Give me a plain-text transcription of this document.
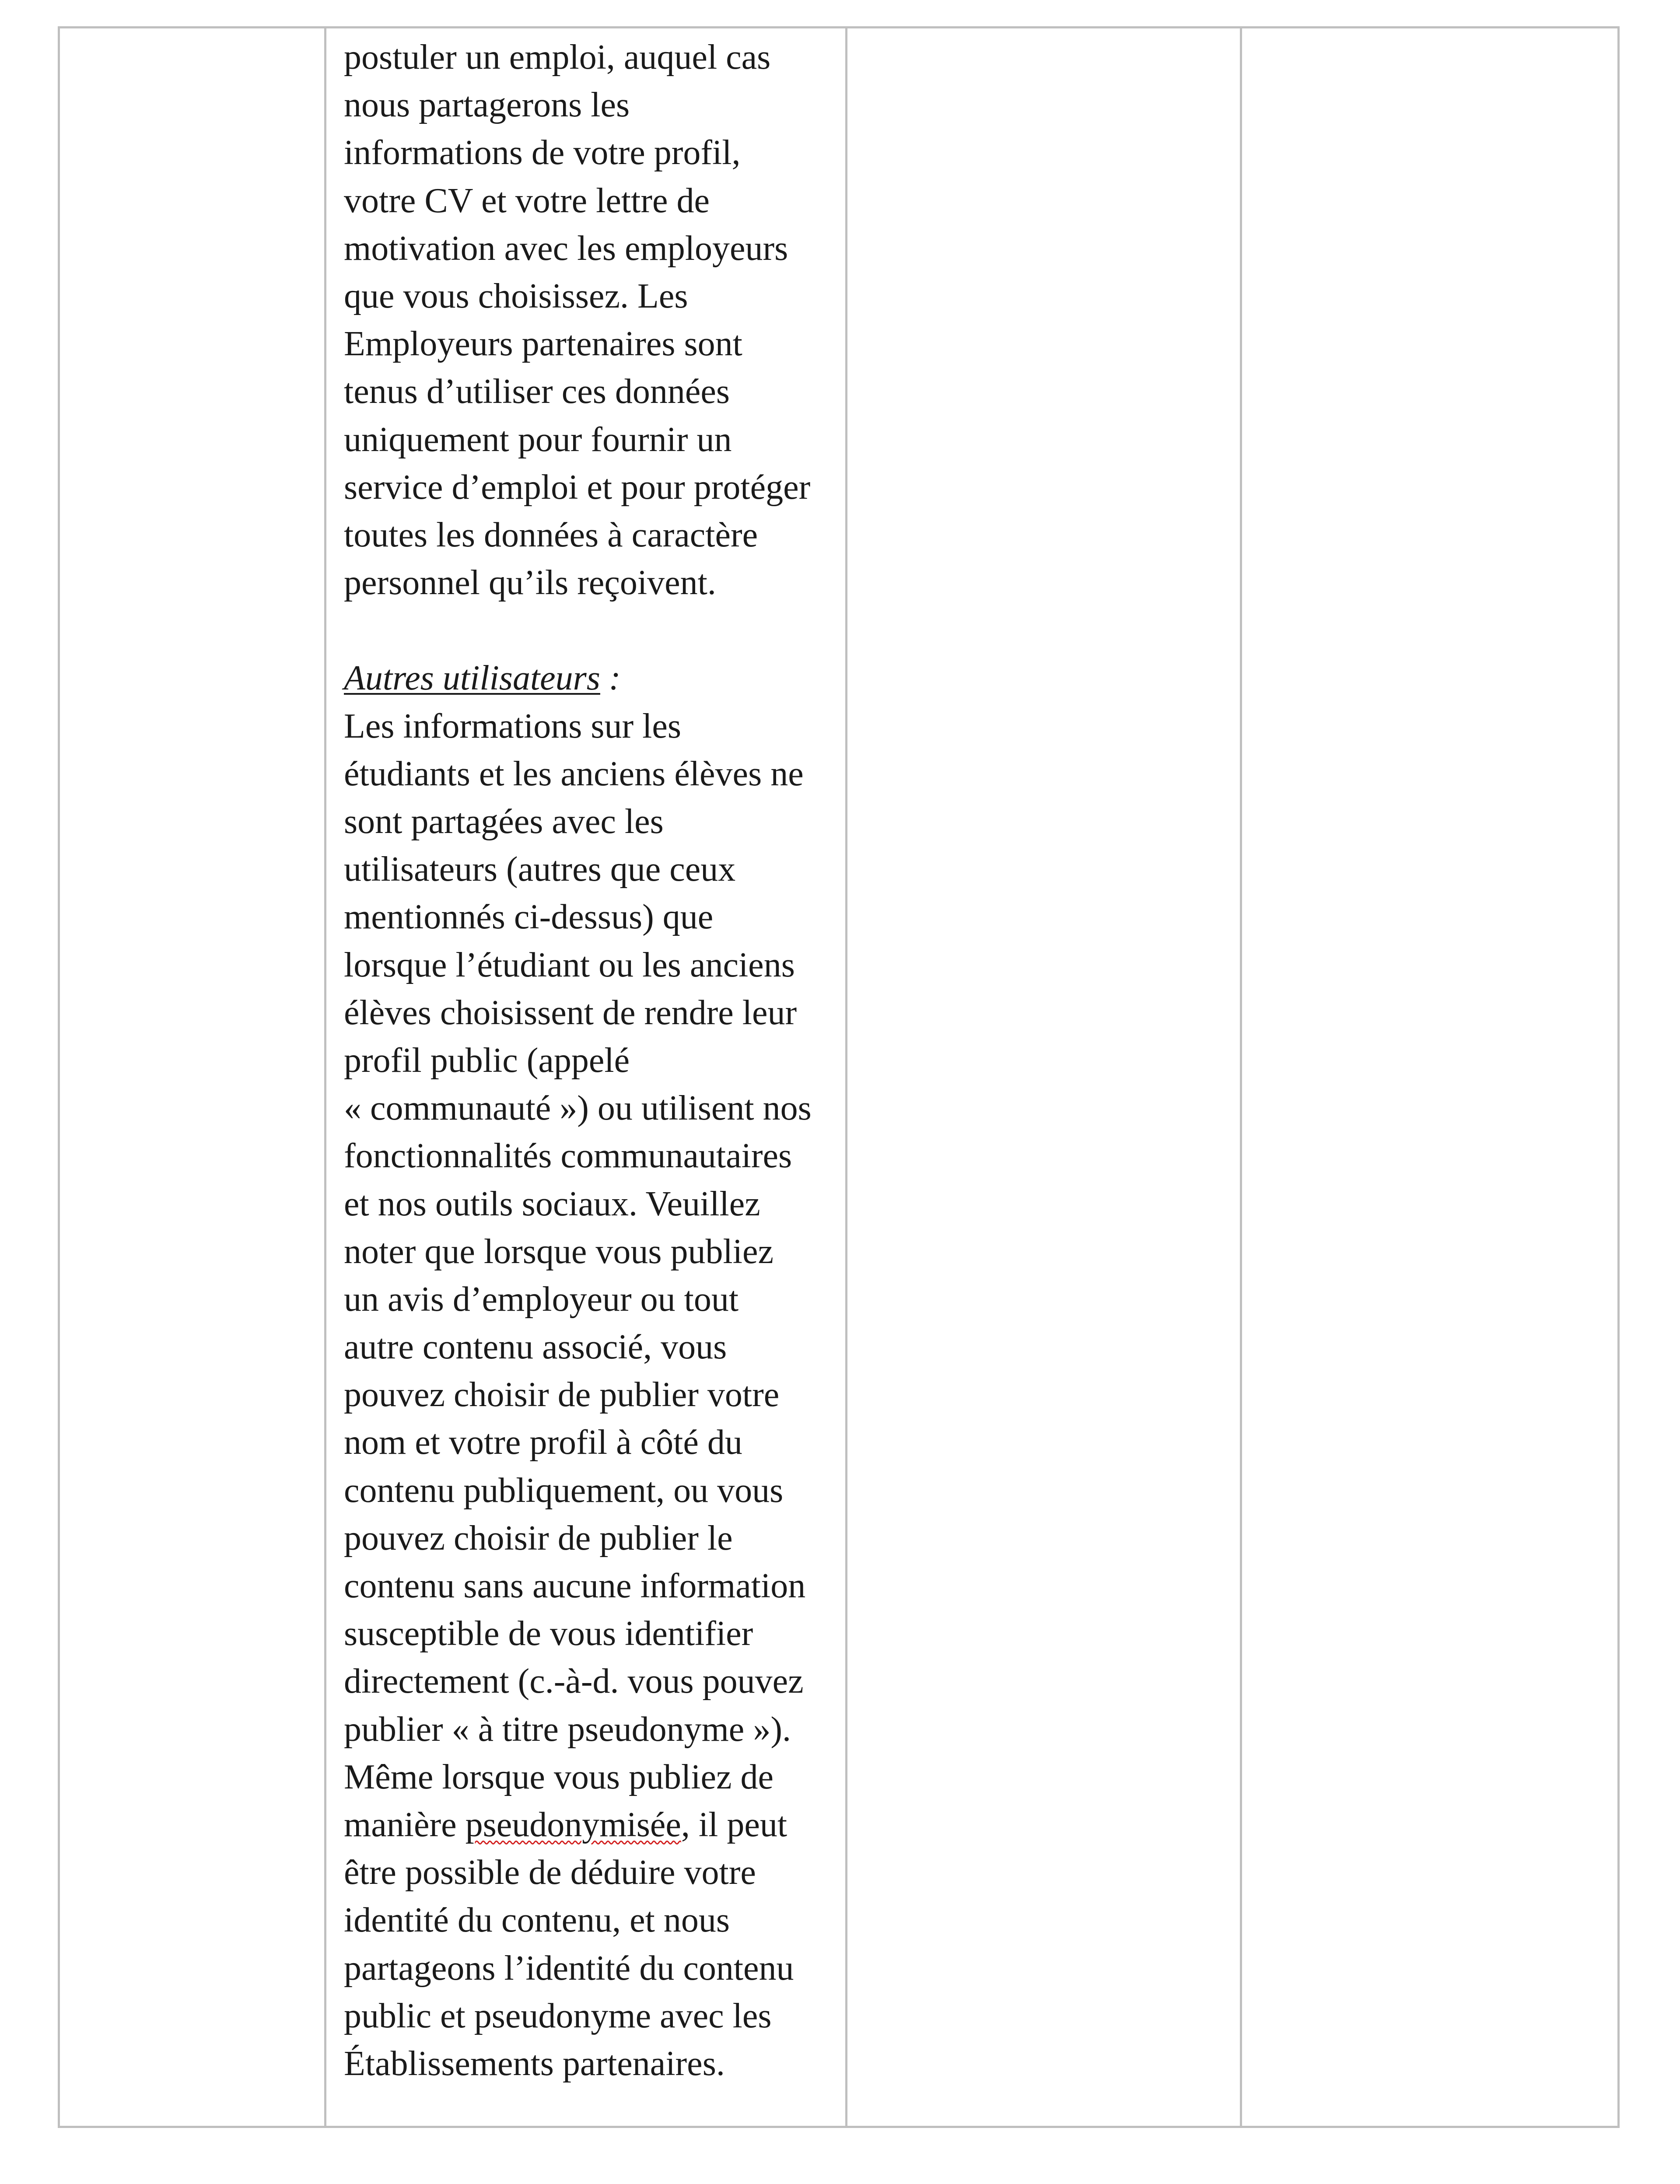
postuler un emploi, auquel cas
nous partagerons les
informations de votre profil,
votre CV et votre lettre de
motivation avec les employeurs
que vous choisissez. Les
Employeurs partenaires sont
tenus d’utiliser ces données
uniquement pour fournir un
service d’emploi et pour protéger
toutes les données à caractère
personnel qu’ils reçoivent.
Autres utilisateurs :
Les informations sur les
étudiants et les anciens élèves ne
sont partagées avec les
utilisateurs (autres que ceux
mentionnés ci-dessus) que
lorsque l’étudiant ou les anciens
élèves choisissent de rendre leur
profil public (appelé
« communauté ») ou utilisent nos
fonctionnalités communautaires
et nos outils sociaux. Veuillez
noter que lorsque vous publiez
un avis d’employeur ou tout
autre contenu associé, vous
pouvez choisir de publier votre
nom et votre profil à côté du
contenu publiquement, ou vous
pouvez choisir de publier le
contenu sans aucune information
susceptible de vous identifier
directement (c.-à-d. vous pouvez
publier « à titre pseudonyme »).
Même lorsque vous publiez de
manière pseudonymisée, il peut
être possible de déduire votre
identité du contenu, et nous
partageons l’identité du contenu
public et pseudonyme avec les
Établissements partenaires.
